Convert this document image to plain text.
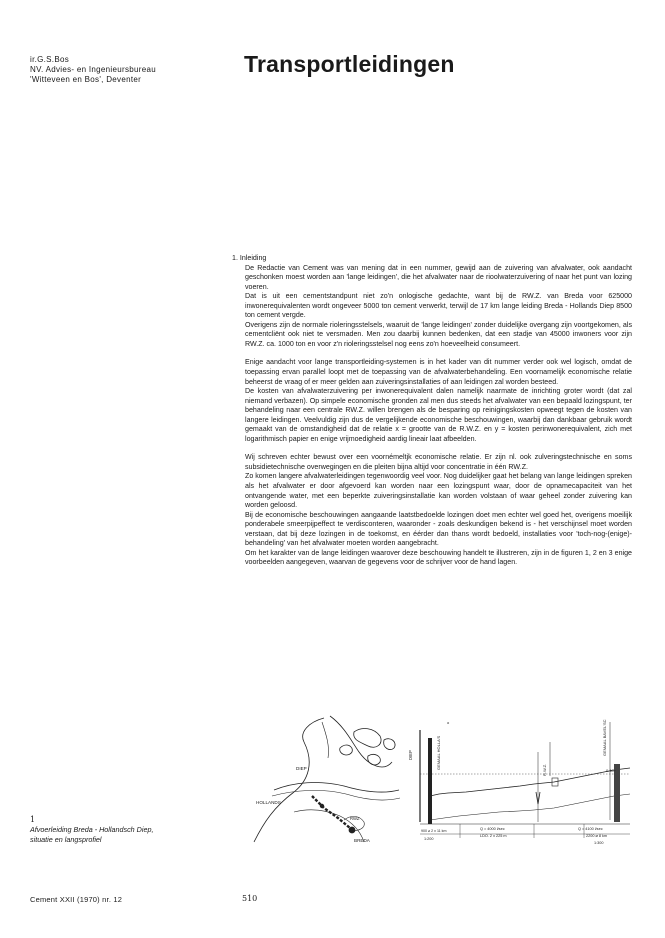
ir.G.S.Bos
NV. Advies- en Ingenieursbureau
'Witteveen en Bos', Deventer
Transportleidingen
1. Inleiding
De Redactie van Cement was van mening dat in een nummer, gewijd aan de zuivering van afvalwater, ook aandacht geschonken moest worden aan 'lange leidingen', die het afvalwater naar de rioolwaterzuivering of naar het punt van lozing voeren.
Dat is uit een cementstandpunt niet zo'n onlogische gedachte, want bij de RW.Z. van Breda voor 625000 inwonerequivalenten wordt ongeveer 5000 ton cement verwerkt, terwijl de 17 km lange leiding Breda - Hollands Diep 8500 ton cement vergde.
Overigens zijn de normale rioleringsstelsels, waaruit de 'lange leidingen' zonder duidelijke overgang zijn voortgekomen, als cementcliënt ook niet te versmaden. Men zou daarbij kunnen bedenken, dat een stadje van 45000 inwoners voor zijn RW.Z. ca. 1000 ton en voor z'n rioleringsstelsel nog eens zo'n hoeveelheid consumeert.
Enige aandacht voor lange transportleiding-systemen is in het kader van dit nummer verder ook wel logisch, omdat de toepassing ervan parallel loopt met de toepassing van de afvalwaterbehandeling. Een voornamelijk economische relatie beheerst de vraag of er meer gelden aan zuiveringsinstallaties of aan leidingen zal worden besteed.
De kosten van afvalwaterzuivering per inwonerequivalent dalen namelijk naarmate de inrichting groter wordt (dat zal niemand verbazen). Op simpele economische gronden zal men dus steeds het afvalwater van een bepaald lozingspunt, ter behandeling naar een centrale RW.Z. willen brengen als de besparing op reinigingskosten opweegt tegen de kosten van langere leidingen. Veelvuldig zijn dus de vergelijkende economische beschouwingen, waarbij dan dankbaar gebruik wordt gemaakt van de omstandigheid dat de relatie x = grootte van de R.W.Z. en y = kosten perinwonerequivalent, zich met logarithmisch papier en enige vrijmoedigheid aardig lineair laat afbeelden.
Wij schreven echter bewust over een voornémeltjk economische relatie. Er zijn nl. ook zulveringstechnische en soms subsidietechnische overwegingen en die pleiten bijna altijd voor concentratie in één RW.Z.
Zo komen langere afvalwaterleidingen tegenwoordig veel voor. Nog duidelijker gaat het belang van lange leidingen spreken als het afvalwater er door afgevoerd kan worden naar een lozingspunt waar, door de opnamecapaciteit van het ontvangende water, met een beperkte zuiveringsinstallatie kan worden volstaan of waar geheel zonder zuivering kan worden geloosd.
Bij de economische beschouwingen aangaande laatstbedoelde lozingen doet men echter wel goed het, overigens moeilijk ponderabele smeerpijpeffect te verdisconteren, waaronder - zoals deskundigen bekend is - het verschijnsel moet worden verstaan, dat bij deze lozingen in de toekomst, en éérder dan thans wordt bedoeld, installaties voor 'toch-nog-(enige)-behandeling' van het afvalwater moeten worden aangebracht.
Om het karakter van de lange leidingen waarover deze beschouwing handelt te illustreren, zijn in de figuren 1, 2 en 3 enige voorbeelden aangegeven, waarvan de gegevens voor de schrijver voor de hand lagen.
DIEP
HOLLANDS
BREDA
RWZ
DIEP	GEMAAL HOLLA'S
o
R.W.Z.
GEMAAL BAVEL'SC
0.40+
Q = 4000 l/sec	Q = 4100 l/sec
900 ⌀ 2 x 11 km
LDO. 2 x 225 m	2200 ⌀ 8 km
1:200
1:300
1
Afvoerleiding Breda - Hollandsch Diep,
situatie en langsprofiel
Cement XXII (1970) nr. 12	510
